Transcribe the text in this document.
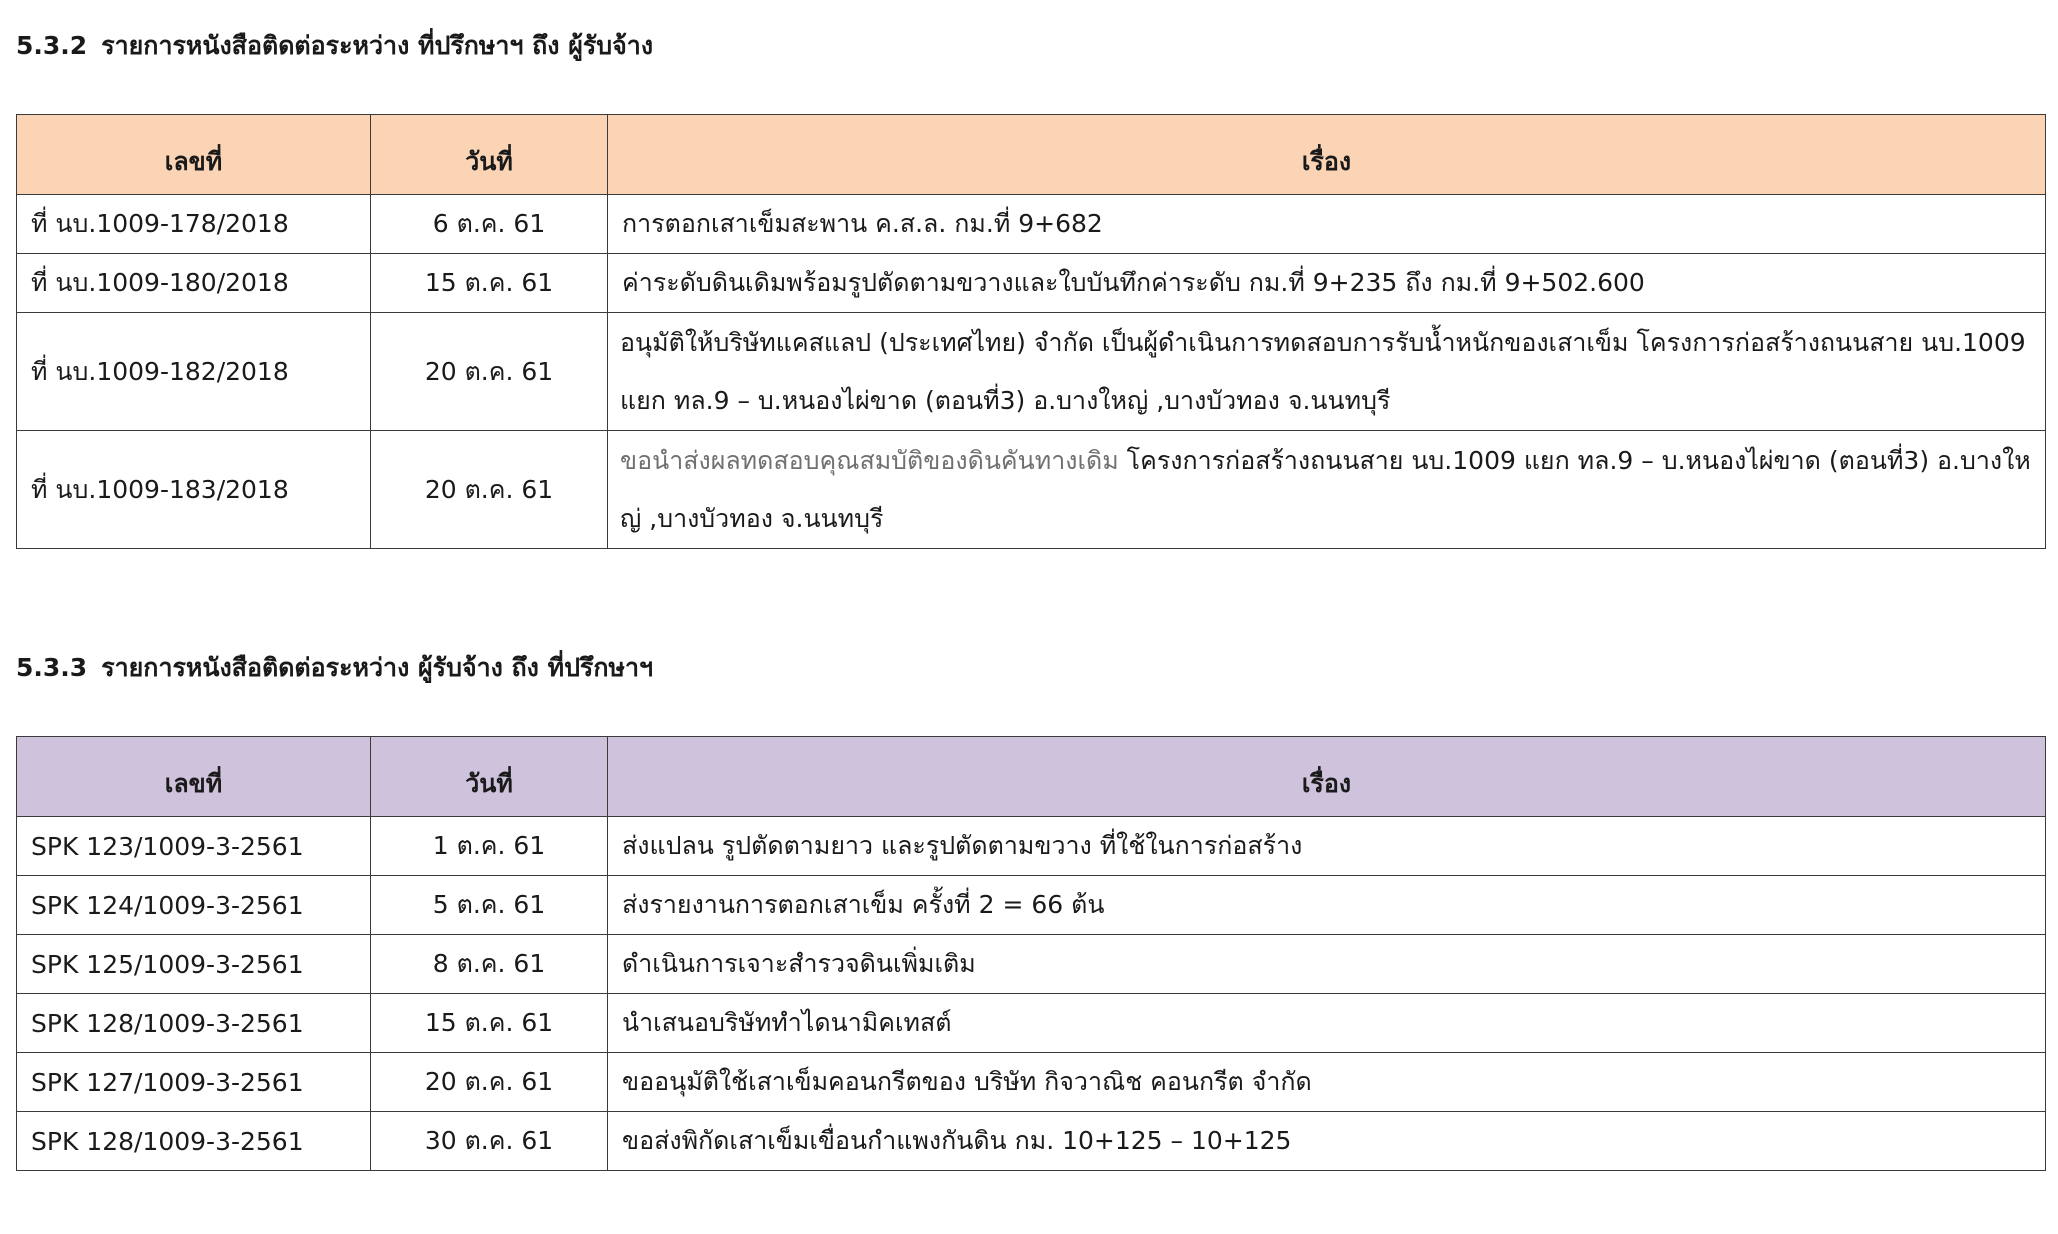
5.3.2 รายการหนังสือติดต่อระหว่าง ที่ปรึกษาฯ ถึง ผู้รับจ้าง
เลขที่	วันที่	เรื่อง
ที่ นบ.1009-178/2018	6 ต.ค. 61	การตอกเสาเข็มสะพาน ค.ส.ล. กม.ที่ 9+682
ที่ นบ.1009-180/2018	15 ต.ค. 61	ค่าระดับดินเดิมพร้อมรูปตัดตามขวางและใบบันทึกค่าระดับ กม.ที่ 9+235 ถึง กม.ที่ 9+502.600
ที่ นบ.1009-182/2018	20 ต.ค. 61	อนุมัติให้บริษัทแคสแลป (ประเทศไทย) จำกัด เป็นผู้ดำเนินการทดสอบการรับน้ำหนักของเสาเข็ม โครงการก่อสร้างถนนสาย นบ.1009 แยก ทล.9 – บ.หนองไผ่ขาด (ตอนที่3) อ.บางใหญ่ ,บางบัวทอง จ.นนทบุรี
ที่ นบ.1009-183/2018	20 ต.ค. 61	ขอนำส่งผลทดสอบคุณสมบัติของดินคันทางเดิม โครงการก่อสร้างถนนสาย นบ.1009 แยก ทล.9 – บ.หนองไผ่ขาด (ตอนที่3) อ.บางใหญ่ ,บางบัวทอง จ.นนทบุรี
5.3.3 รายการหนังสือติดต่อระหว่าง ผู้รับจ้าง ถึง ที่ปรึกษาฯ
เลขที่	วันที่	เรื่อง
SPK 123/1009-3-2561	1 ต.ค. 61	ส่งแปลน รูปตัดตามยาว และรูปตัดตามขวาง ที่ใช้ในการก่อสร้าง
SPK 124/1009-3-2561	5 ต.ค. 61	ส่งรายงานการตอกเสาเข็ม ครั้งที่ 2 = 66 ต้น
SPK 125/1009-3-2561	8 ต.ค. 61	ดำเนินการเจาะสำรวจดินเพิ่มเติม
SPK 128/1009-3-2561	15 ต.ค. 61	นำเสนอบริษัททำไดนามิคเทสต์
SPK 127/1009-3-2561	20 ต.ค. 61	ขออนุมัติใช้เสาเข็มคอนกรีตของ บริษัท กิจวาณิช คอนกรีต จำกัด
SPK 128/1009-3-2561	30 ต.ค. 61	ขอส่งพิกัดเสาเข็มเขื่อนกำแพงกันดิน กม. 10+125 – 10+125
